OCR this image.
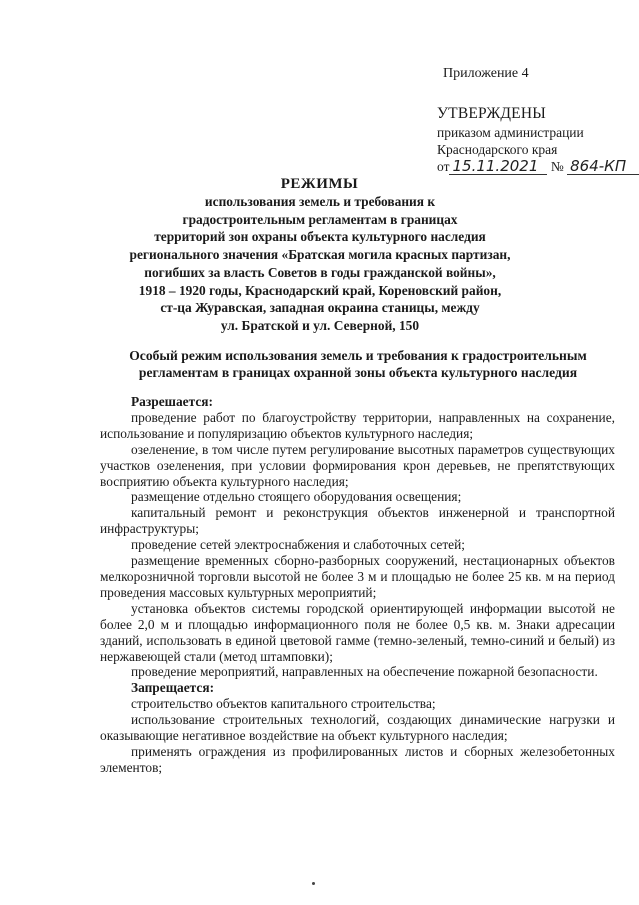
Приложение 4
УТВЕРЖДЕНЫ
приказом администрации
Краснодарского края
от 15.11.2021 № 864-КП
РЕЖИМЫ
использования земель и требования к
градостроительным регламентам в границах
территорий зон охраны объекта культурного наследия
регионального значения «Братская могила красных партизан,
погибших за власть Советов в годы гражданской войны»,
1918 – 1920 годы, Краснодарский край, Кореновский район,
ст-ца Журавская, западная окраина станицы, между
ул. Братской и ул. Северной, 150
Особый режим использования земель и требования к градостроительным
регламентам в границах охранной зоны объекта культурного наследия
Разрешается:

проведение работ по благоустройству территории, направленных на сохранение, использование и популяризацию объектов культурного наследия;

озеленение, в том числе путем регулирование высотных параметров существующих участков озеленения, при условии формирования крон деревьев, не препятствующих восприятию объекта культурного наследия;

размещение отдельно стоящего оборудования освещения;

капитальный ремонт и реконструкция объектов инженерной и транспортной инфраструктуры;

проведение сетей электроснабжения и слаботочных сетей;

размещение временных сборно-разборных сооружений, нестационарных объектов мелкорозничной торговли высотой не более 3 м и площадью не более 25 кв. м на период проведения массовых культурных мероприятий;

установка объектов системы городской ориентирующей информации высотой не более 2,0 м и площадью информационного поля не более 0,5 кв. м. Знаки адресации зданий, использовать в единой цветовой гамме (темно-зеленый, темно-синий и белый) из нержавеющей стали (метод штамповки);

проведение мероприятий, направленных на обеспечение пожарной безопасности.

Запрещается:

строительство объектов капитального строительства;

использование строительных технологий, создающих динамические нагрузки и оказывающие негативное воздействие на объект культурного наследия;

применять ограждения из профилированных листов и сборных железобетонных элементов;
